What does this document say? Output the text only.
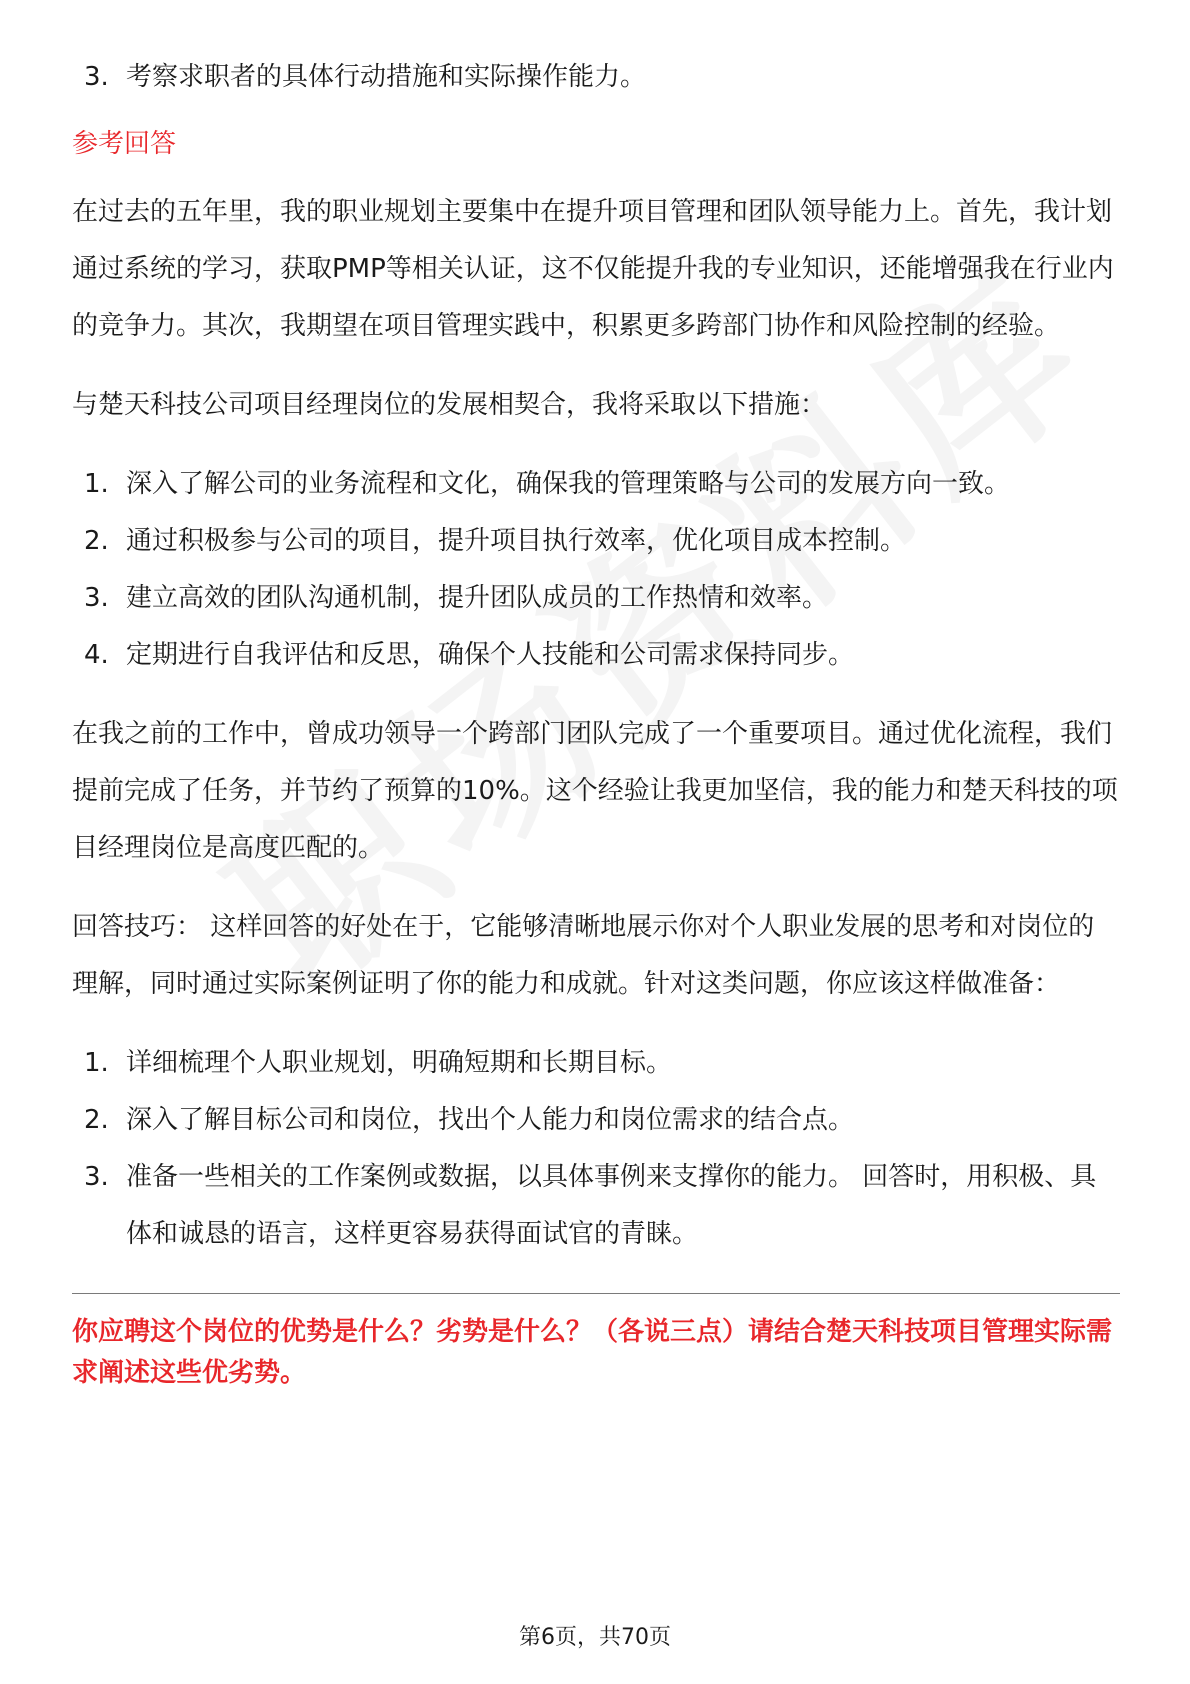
3. 考察求职者的具体行动措施和实际操作能力。

参考回答

在过去的五年里，我的职业规划主要集中在提升项目管理和团队领导能力上。首先，我计划通过系统的学习，获取PMP等相关认证，这不仅能提升我的专业知识，还能增强我在行业内的竞争力。其次，我期望在项目管理实践中，积累更多跨部门协作和风险控制的经验。

与楚天科技公司项目经理岗位的发展相契合，我将采取以下措施：

1. 深入了解公司的业务流程和文化，确保我的管理策略与公司的发展方向一致。
2. 通过积极参与公司的项目，提升项目执行效率，优化项目成本控制。
3. 建立高效的团队沟通机制，提升团队成员的工作热情和效率。
4. 定期进行自我评估和反思，确保个人技能和公司需求保持同步。

在我之前的工作中，曾成功领导一个跨部门团队完成了一个重要项目。通过优化流程，我们提前完成了任务，并节约了预算的10%。这个经验让我更加坚信，我的能力和楚天科技的项目经理岗位是高度匹配的。

回答技巧： 这样回答的好处在于，它能够清晰地展示你对个人职业发展的思考和对岗位的理解，同时通过实际案例证明了你的能力和成就。针对这类问题，你应该这样做准备：

1. 详细梳理个人职业规划，明确短期和长期目标。
2. 深入了解目标公司和岗位，找出个人能力和岗位需求的结合点。
3. 准备一些相关的工作案例或数据，以具体事例来支撑你的能力。 回答时，用积极、具体和诚恳的语言，这样更容易获得面试官的青睐。

你应聘这个岗位的优势是什么？劣势是什么？（各说三点）请结合楚天科技项目管理实际需求阐述这些优劣势。

第6页，共70页
